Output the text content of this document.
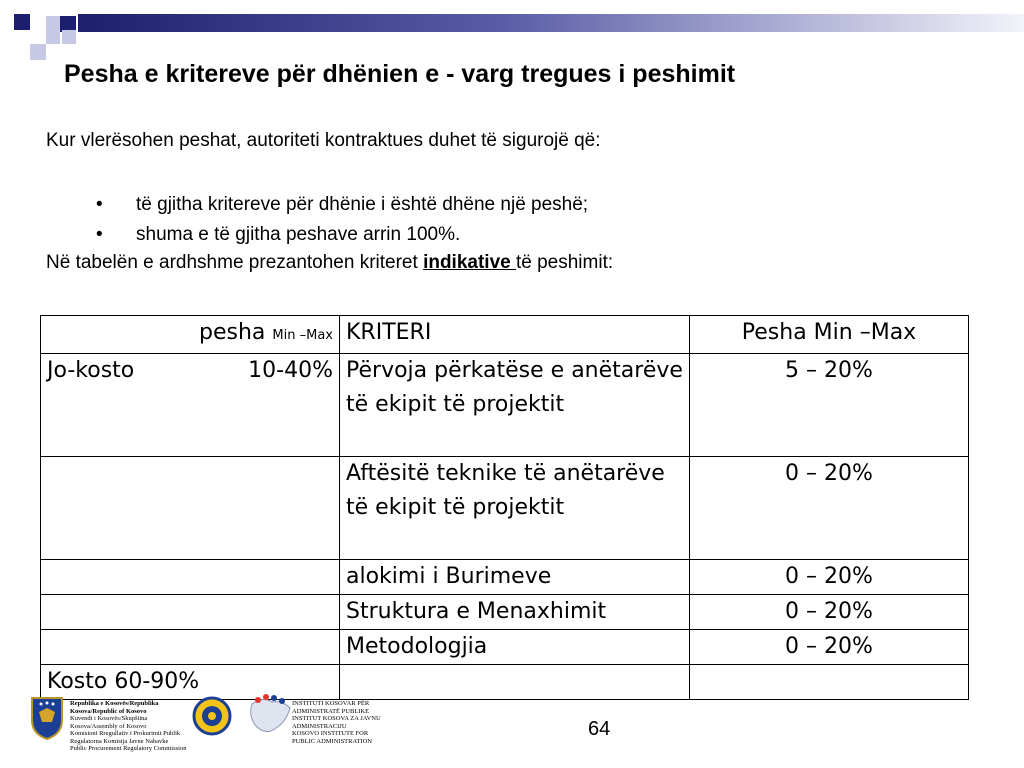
Pesha e kritereve për dhënien e - varg tregues i peshimit
Kur vlerësohen peshat, autoriteti kontraktues duhet të sigurojë që:
• të gjitha kritereve për dhënie i është dhëne një peshë;
• shuma e të gjitha peshave arrin 100%.
Në tabelën e ardhshme prezantohen kriteret indikative të peshimit:
pesha Min –Max	KRITERI	Pesha Min –Max
Jo-kosto 10-40%	Përvoja përkatëse e anëtarëve të ekipit të projektit	5 – 20%
	Aftësitë teknike të anëtarëve të ekipit të projektit	0 – 20%
	alokimi i Burimeve	0 – 20%
	Struktura e Menaxhimit	0 – 20%
	Metodologjia	0 – 20%
Kosto 60-90%		
Republika e Kosovës/Republika Kosova/Republic of Kosovo
Kuvendi i Kosovës/Skupština Kosova/Assembly of Kosovo
Komisioni Rregullativ i Prokurimit Publik
Regulatorna Komisija Javne Nabavke
Public Procurement Regulatory Commission
INSTITUTI KOSOVAR PËR ADMINISTRATË PUBLIKE
INSTITUT KOSOVA ZA JAVNU ADMINISTRACIJU
KOSOVO INSTITUTE FOR PUBLIC ADMINISTRATION
64
